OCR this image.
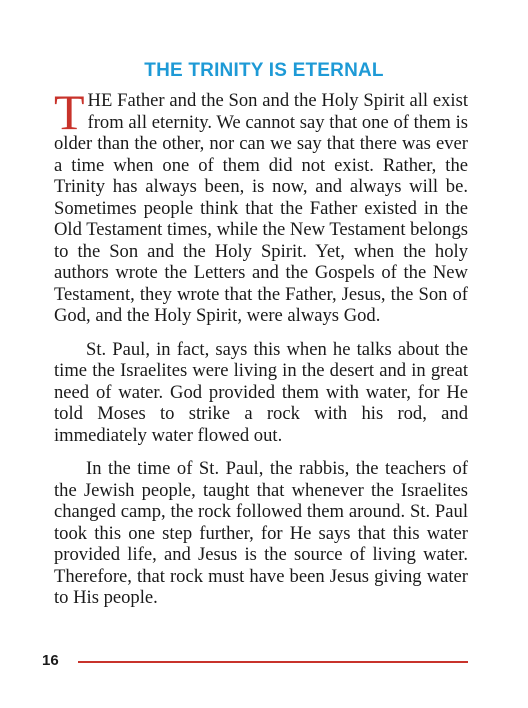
THE TRINITY IS ETERNAL

THE Father and the Son and the Holy Spirit all exist from all eternity. We cannot say that one of them is older than the other, nor can we say that there was ever a time when one of them did not exist. Rather, the Trinity has always been, is now, and always will be. Sometimes people think that the Father existed in the Old Testament times, while the New Testament belongs to the Son and the Holy Spirit. Yet, when the holy authors wrote the Letters and the Gospels of the New Testament, they wrote that the Father, Jesus, the Son of God, and the Holy Spirit, were always God.

St. Paul, in fact, says this when he talks about the time the Israelites were living in the desert and in great need of water. God provided them with water, for He told Moses to strike a rock with his rod, and immediately water flowed out.

In the time of St. Paul, the rabbis, the teachers of the Jewish people, taught that whenever the Israelites changed camp, the rock followed them around. St. Paul took this one step further, for He says that this water provided life, and Jesus is the source of living water. Therefore, that rock must have been Jesus giving water to His people.

16
